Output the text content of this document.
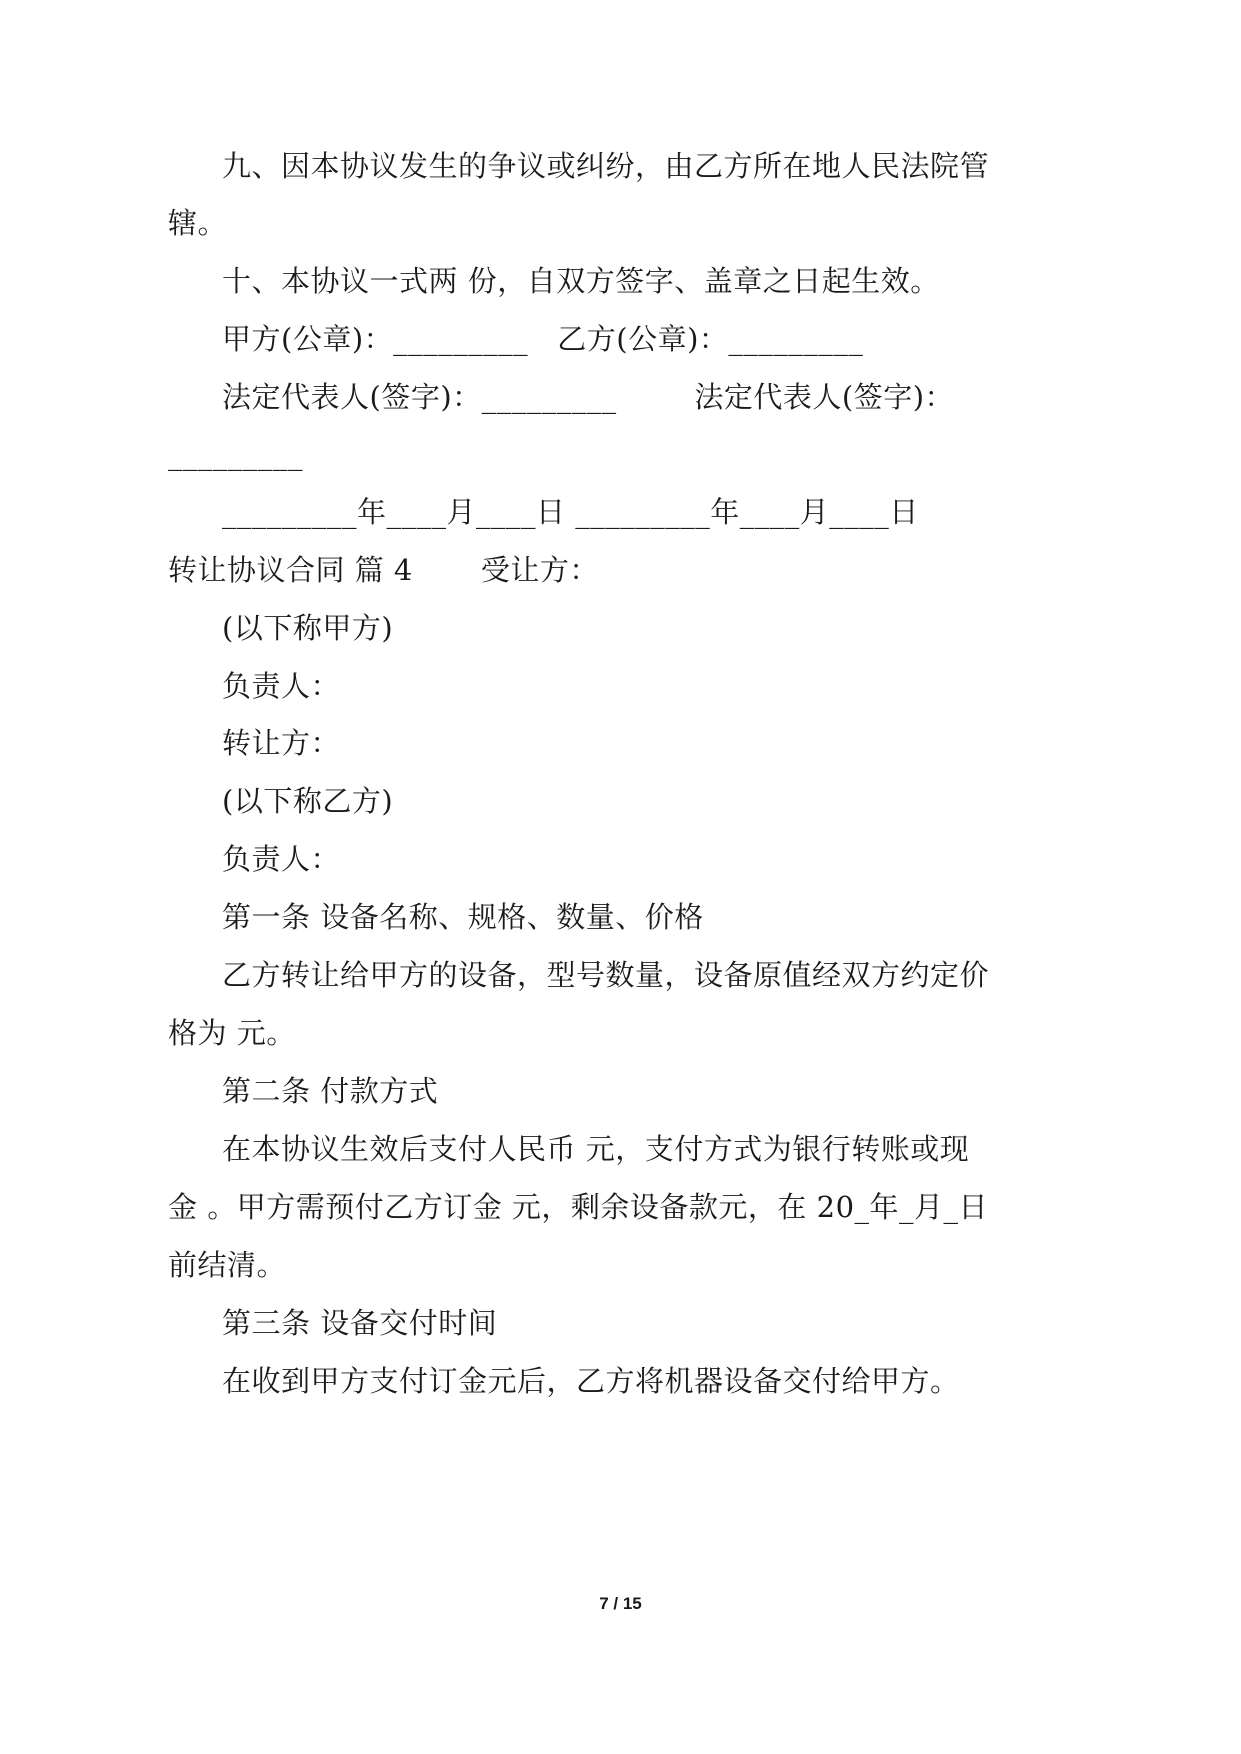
九、因本协议发生的争议或纠纷，由乙方所在地人民法院管
辖。
十、本协议一式两 份，自双方签字、盖章之日起生效。
甲方(公章)：_________   乙方(公章)：_________
法定代表人(签字)：_________        法定代表人(签字)：
_________
_________年____月____日 _________年____月____日
转让协议合同 篇 4       受让方：
(以下称甲方)
负责人：
转让方：
(以下称乙方)
负责人：
第一条 设备名称、规格、数量、价格
乙方转让给甲方的设备，型号数量，设备原值经双方约定价
格为 元。
第二条 付款方式
在本协议生效后支付人民币 元，支付方式为银行转账或现
金 。甲方需预付乙方订金 元，剩余设备款元，在 20_年_月_日
前结清。
第三条 设备交付时间
在收到甲方支付订金元后，乙方将机器设备交付给甲方。
7 / 15
